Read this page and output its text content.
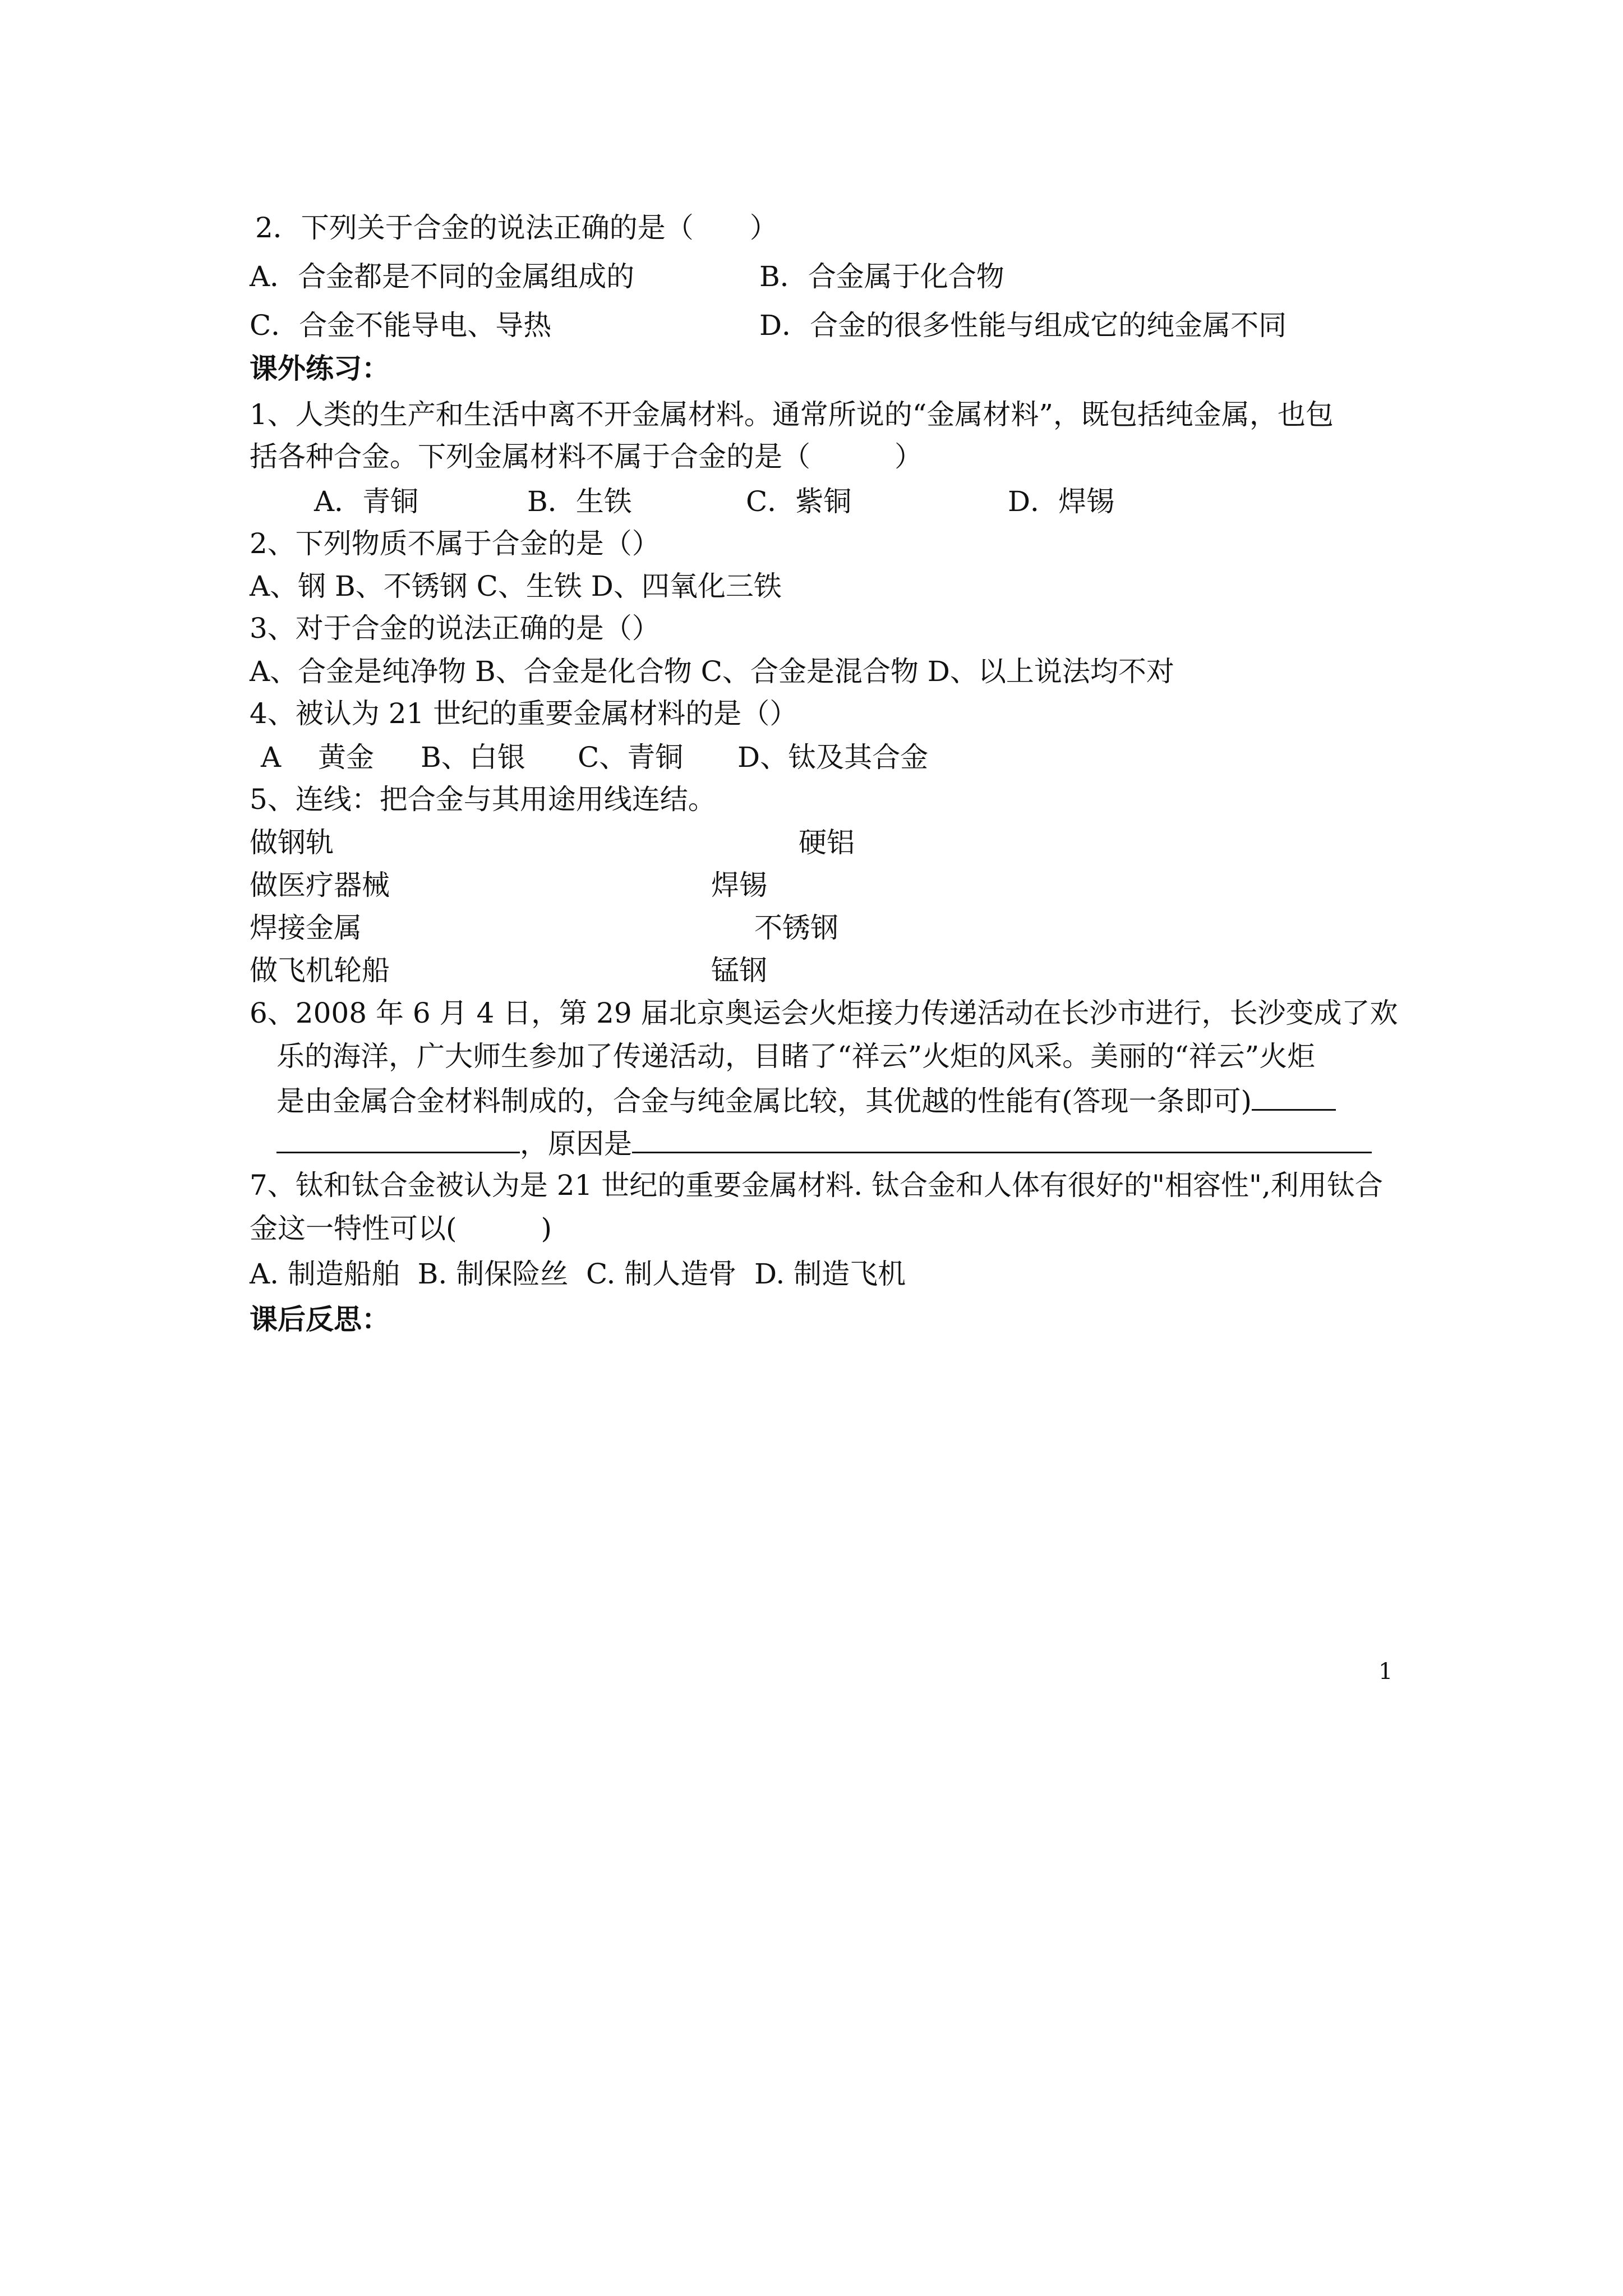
2．下列关于合金的说法正确的是（　　）
A．合金都是不同的金属组成的	B．合金属于化合物
C．合金不能导电、导热	D．合金的很多性能与组成它的纯金属不同
课外练习：
1、人类的生产和生活中离不开金属材料。通常所说的“金属材料”，既包括纯金属，也包
括各种合金。下列金属材料不属于合金的是（　　　）
A．青铜	B．生铁	C．紫铜	D．焊锡
2、下列物质不属于合金的是（）
A、钢 B、不锈钢 C、生铁 D、四氧化三铁
3、对于合金的说法正确的是（）
A、合金是纯净物 B、合金是化合物 C、合金是混合物 D、以上说法均不对
4、被认为 21 世纪的重要金属材料的是（）
A　 黄金 B、白银 C、青铜 D、钛及其合金
5、连线：把合金与其用途用线连结。
做钢轨	硬铝
做医疗器械	焊锡
焊接金属	不锈钢
做飞机轮船	锰钢
6、2008 年 6 月 4 日，第 29 届北京奥运会火炬接力传递活动在长沙市进行，长沙变成了欢
乐的海洋，广大师生参加了传递活动，目睹了“祥云”火炬的风采。美丽的“祥云”火炬
是由金属合金材料制成的，合金与纯金属比较，其优越的性能有(答现一条即可)
，原因是
7、钛和钛合金被认为是 21 世纪的重要金属材料. 钛合金和人体有很好的"相容性",利用钛合
金这一特性可以(　　　)
A. 制造船舶  B. 制保险丝  C. 制人造骨  D. 制造飞机
课后反思：
1
